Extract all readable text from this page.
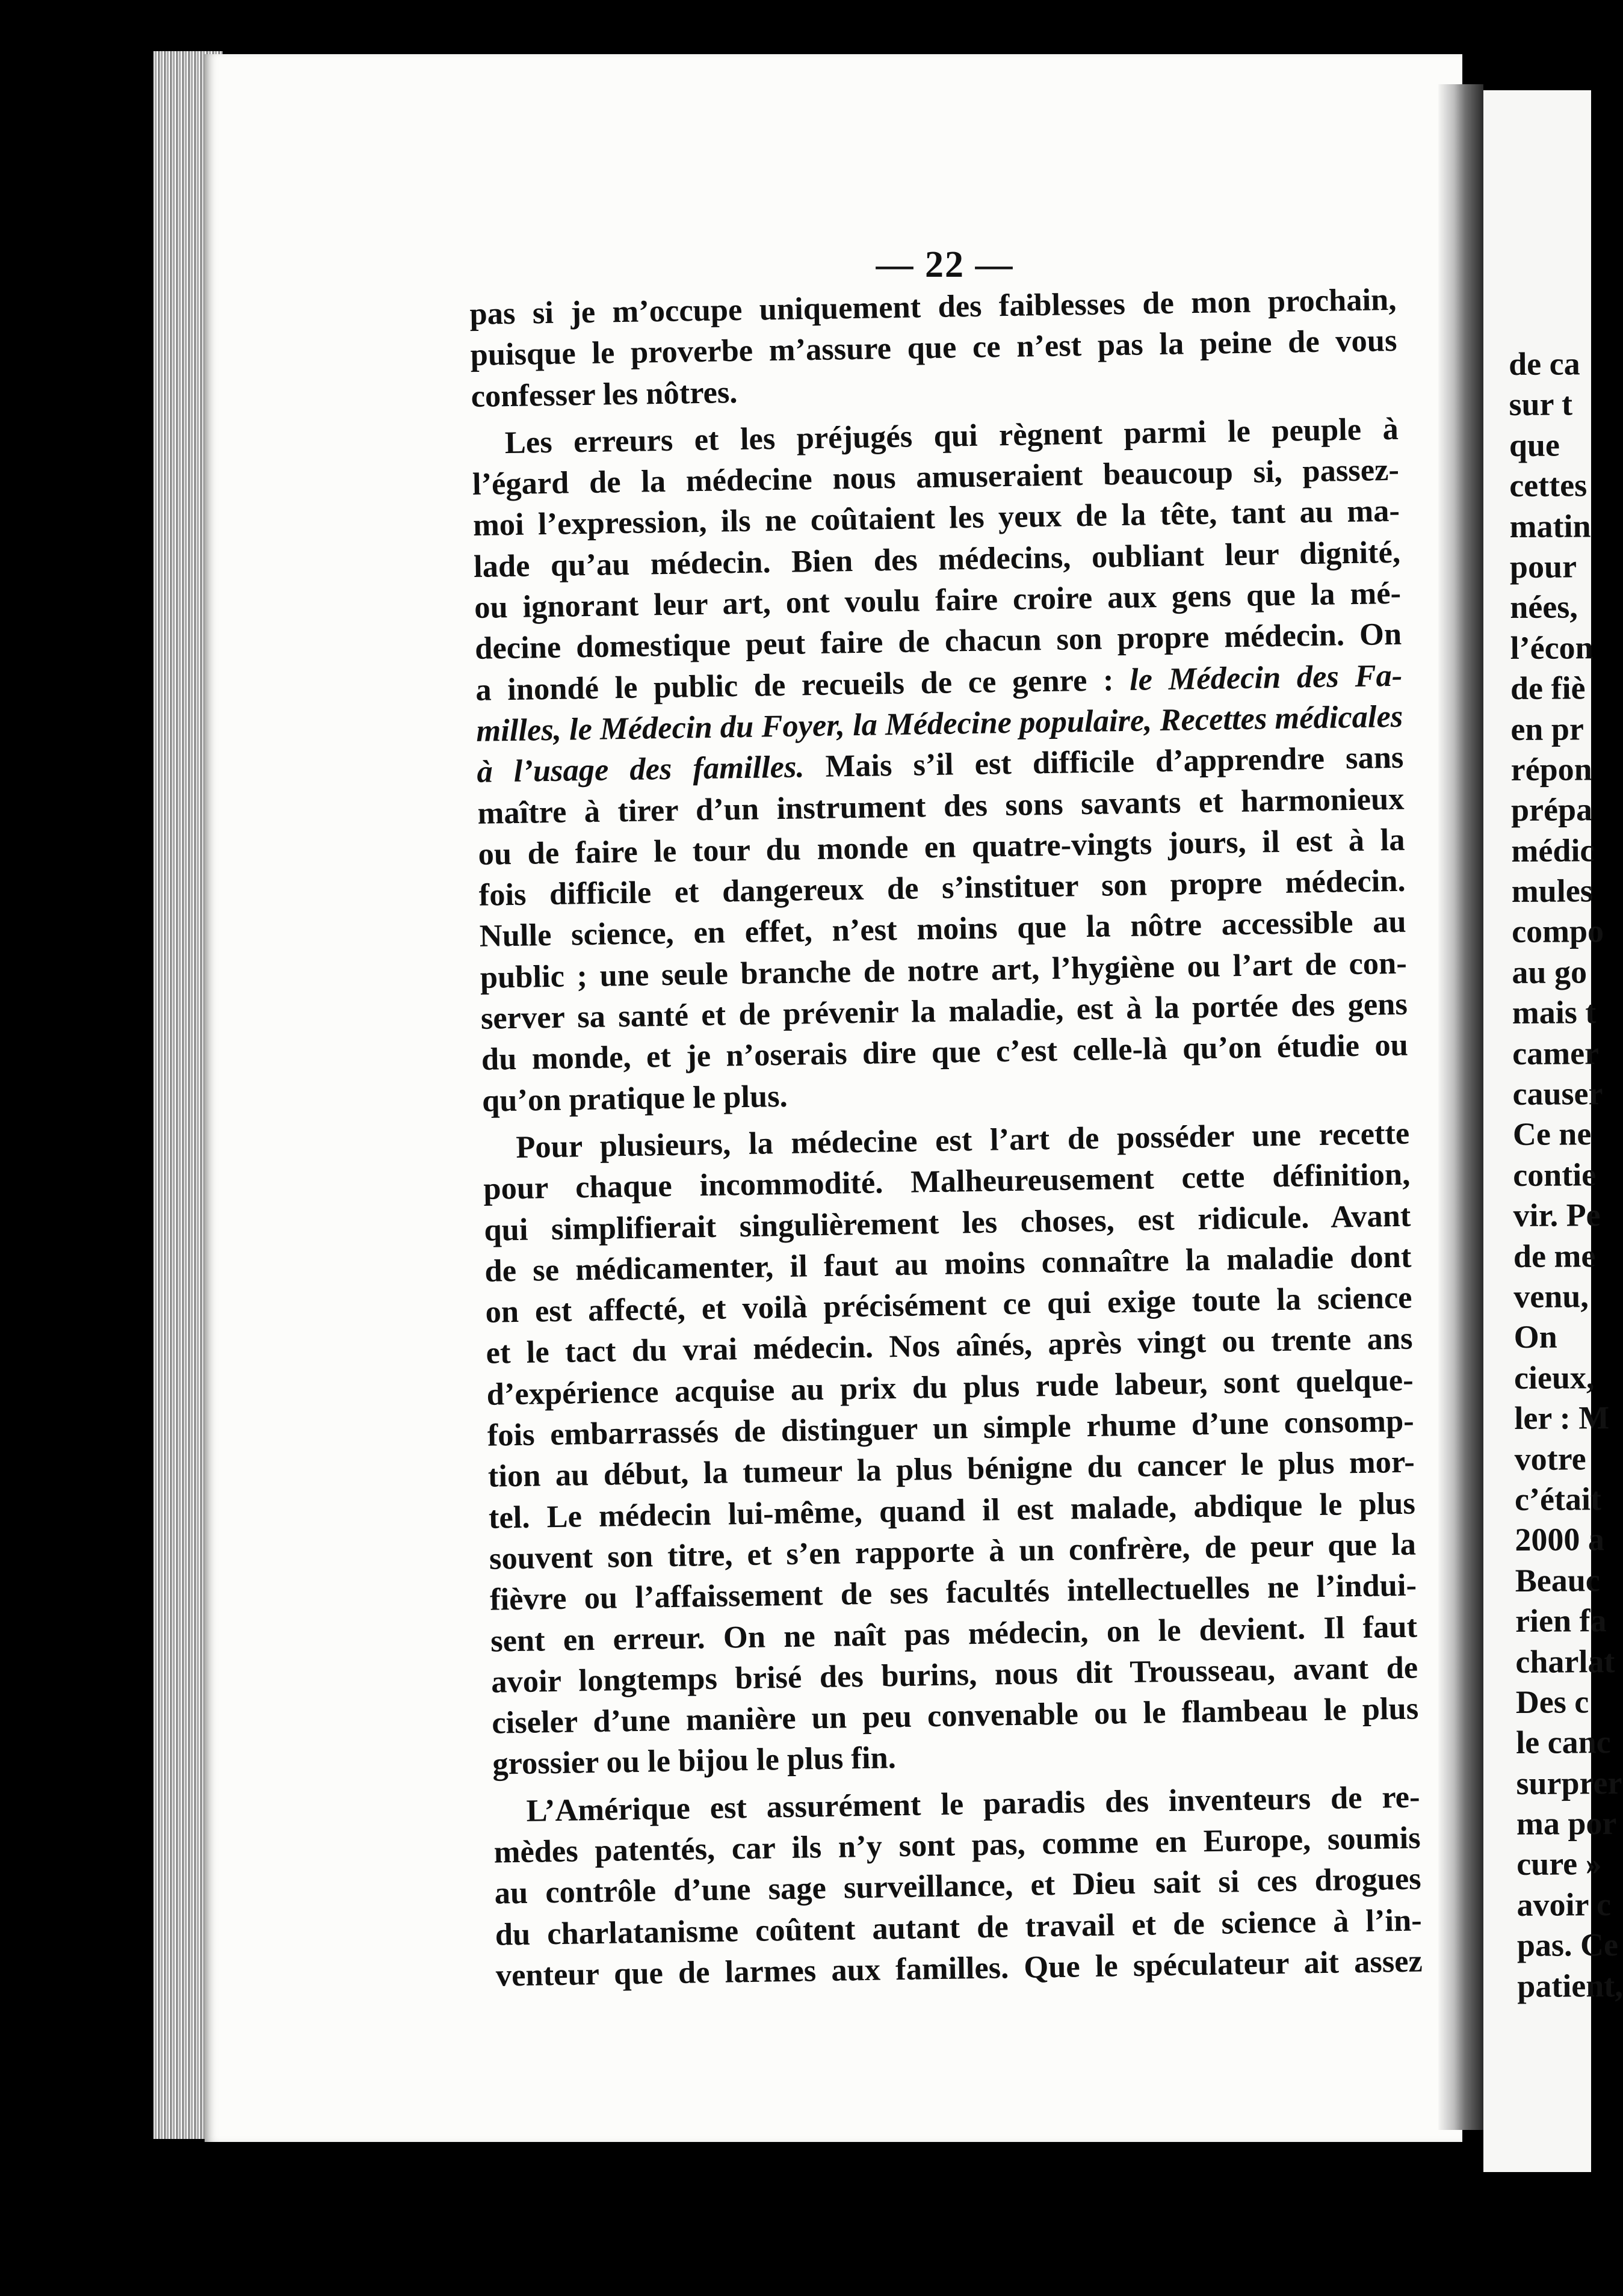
de ca
sur t
que
cettes
matin
pour
nées,
l’écon
de fiè
en pr
répon
prépa
médic
mules
compo
au go
mais t
camer
causer
Ce ne
contie
vir. Pe
de me
venu,
On
cieux,
ler : M
votre
c’était
2000 a
Beauc
rien fa
charlat
Des c
le canc
surprer
ma por
cure »
avoir c
pas. Ce
patient,
— 22 —
pas si je m’occupe uniquement des faiblesses de mon prochain,
puisque le proverbe m’assure que ce n’est pas la peine de vous
confesser les nôtres.
Les erreurs et les préjugés qui règnent parmi le peuple à
l’égard de la médecine nous amuseraient beaucoup si, passez-
moi l’expression, ils ne coûtaient les yeux de la tête, tant au ma-
lade qu’au médecin. Bien des médecins, oubliant leur dignité,
ou ignorant leur art, ont voulu faire croire aux gens que la mé-
decine domestique peut faire de chacun son propre médecin. On
a inondé le public de recueils de ce genre : le Médecin des Fa-
milles, le Médecin du Foyer, la Médecine populaire, Recettes médicales
à l’usage des familles. Mais s’il est difficile d’apprendre sans
maître à tirer d’un instrument des sons savants et harmonieux
ou de faire le tour du monde en quatre-vingts jours, il est à la
fois difficile et dangereux de s’instituer son propre médecin.
Nulle science, en effet, n’est moins que la nôtre accessible au
public ; une seule branche de notre art, l’hygiène ou l’art de con-
server sa santé et de prévenir la maladie, est à la portée des gens
du monde, et je n’oserais dire que c’est celle-là qu’on étudie ou
qu’on pratique le plus.
Pour plusieurs, la médecine est l’art de posséder une recette
pour chaque incommodité. Malheureusement cette définition,
qui simplifierait singulièrement les choses, est ridicule. Avant
de se médicamenter, il faut au moins connaître la maladie dont
on est affecté, et voilà précisément ce qui exige toute la science
et le tact du vrai médecin. Nos aînés, après vingt ou trente ans
d’expérience acquise au prix du plus rude labeur, sont quelque-
fois embarrassés de distinguer un simple rhume d’une consomp-
tion au début, la tumeur la plus bénigne du cancer le plus mor-
tel. Le médecin lui-même, quand il est malade, abdique le plus
souvent son titre, et s’en rapporte à un confrère, de peur que la
fièvre ou l’affaissement de ses facultés intellectuelles ne l’indui-
sent en erreur. On ne naît pas médecin, on le devient. Il faut
avoir longtemps brisé des burins, nous dit Trousseau, avant de
ciseler d’une manière un peu convenable ou le flambeau le plus
grossier ou le bijou le plus fin.
L’Amérique est assurément le paradis des inventeurs de re-
mèdes patentés, car ils n’y sont pas, comme en Europe, soumis
au contrôle d’une sage surveillance, et Dieu sait si ces drogues
du charlatanisme coûtent autant de travail et de science à l’in-
venteur que de larmes aux familles. Que le spéculateur ait assez
